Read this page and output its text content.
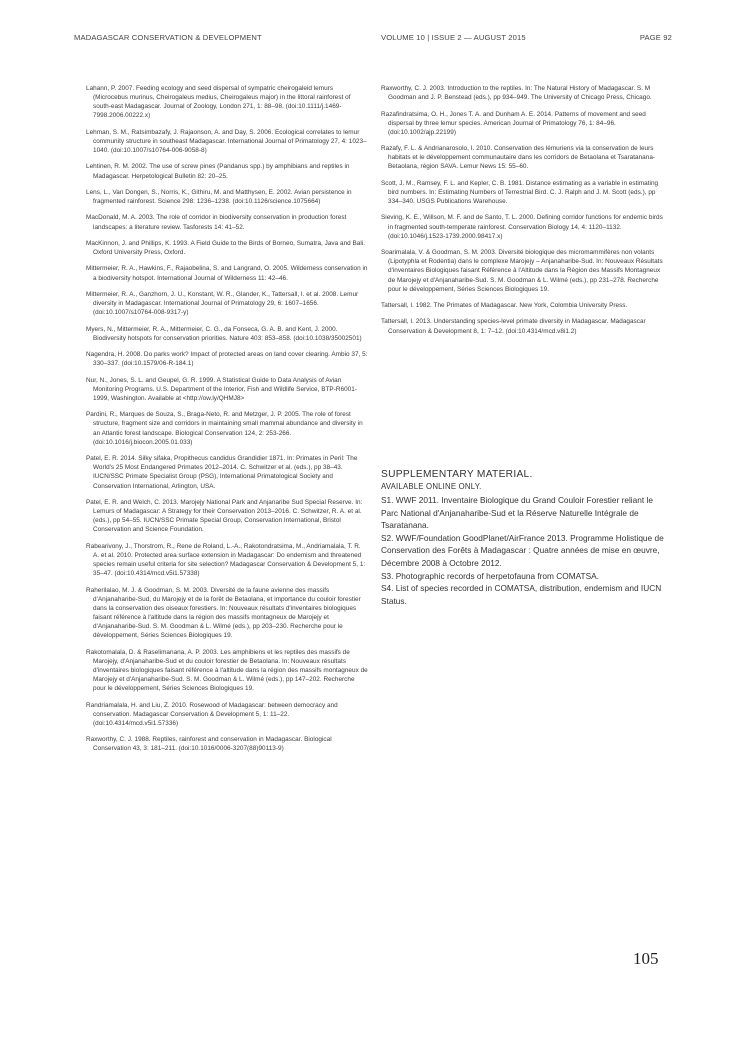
MADAGASCAR CONSERVATION & DEVELOPMENT	VOLUME 10 | ISSUE 2 — AUGUST 2015	PAGE 92

Lahann, P. 2007. Feeding ecology and seed dispersal of sympatric cheirogaleid lemurs (Microcebus murinus, Cheirogaleus medius, Cheirogaleus major) in the littoral rainforest of south-east Madagascar. Journal of Zoology, London 271, 1: 88–98. (doi:10.1111/j.1469-7998.2006.00222.x)

Lehman, S. M., Ratsimbazafy, J. Rajaonson, A. and Day, S. 2006. Ecological correlates to lemur community structure in southeast Madagascar. International Journal of Primatology 27, 4: 1023–1040. (doi:10.1007/s10764-006-9058-8)

Lehtinen, R. M. 2002. The use of screw pines (Pandanus spp.) by amphibians and reptiles in Madagascar. Herpetological Bulletin 82: 20–25.

Lens, L., Van Dongen, S., Norris, K., Githiru, M. and Matthysen, E. 2002. Avian persistence in fragmented rainforest. Science 298: 1236–1238. (doi:10.1126/science.1075664)

MacDonald, M. A. 2003. The role of corridor in biodiversity conservation in production forest landscapes: a literature review. Tasforests 14: 41–52.

MacKinnon, J. and Phillips, K. 1993. A Field Guide to the Birds of Borneo, Sumatra, Java and Bali. Oxford University Press, Oxford.

Mittermeier, R. A., Hawkins, F., Rajaobelina, S. and Langrand, O. 2005. Wilderness conservation in a biodiversity hotspot. International Journal of Wilderness 11: 42–46.

Mittermeier, R. A., Ganzhorn, J. U., Konstant, W. R., Glander, K., Tattersall, I. et al. 2008. Lemur diversity in Madagascar. International Journal of Primatology 29, 6: 1607–1656. (doi:10.1007/s10764-008-9317-y)

Myers, N., Mittermeier, R. A., Mittermeier, C. G., da Fonseca, G. A. B. and Kent, J. 2000. Biodiversity hotspots for conservation priorities. Nature 403: 853–858. (doi:10.1038/35002501)

Nagendra, H. 2008. Do parks work? Impact of protected areas on land cover clearing. Ambio 37, 5: 330–337. (doi:10.1579/06-R-184.1)

Nur, N., Jones, S. L. and Geupel, G. R. 1999. A Statistical Guide to Data Analysis of Avian Monitoring Programs. U.S. Department of the Interior, Fish and Wildlife Service, BTP-R6001-1999, Washington. Available at <http://ow.ly/QHMJ8>

Pardini, R., Marques de Souza, S., Braga-Neto, R. and Metzger, J. P. 2005. The role of forest structure, fragment size and corridors in maintaining small mammal abundance and diversity in an Atlantic forest landscape. Biological Conservation 124, 2: 253-266. (doi:10.1016/j.biocon.2005.01.033)

Patel, E. R. 2014. Silky sifaka, Propithecus candidus Grandidier 1871. In: Primates in Peril: The World's 25 Most Endangered Primates 2012–2014. C. Schwitzer et al. (eds.), pp 38–43. IUCN/SSC Primate Specialist Group (PSG), International Primatological Society and Conservation International, Arlington, USA.

Patel, E. R. and Welch, C. 2013. Marojejy National Park and Anjanaribe Sud Special Reserve. In: Lemurs of Madagascar: A Strategy for their Conservation 2013–2016. C. Schwitzer, R. A. et al. (eds.), pp 54–55. IUCN/SSC Primate Special Group, Conservation International, Bristol Conservation and Science Foundation.

Rabearivony, J., Thorstrom, R., Rene de Roland, L.-A., Rakotondratsima, M., Andriamalala, T. R. A. et al. 2010. Protected area surface extension in Madagascar: Do endemism and threatened species remain useful criteria for site selection? Madagascar Conservation & Development 5, 1: 35–47. (doi:10.4314/mcd.v5i1.57338)

Raherilalao, M. J. & Goodman, S. M. 2003. Diversité de la faune avienne des massifs d'Anjanaharibe-Sud, du Marojejy et de la forêt de Betaolana, et importance du couloir forestier dans la conservation des oiseaux forestiers. In: Nouveaux résultats d'inventaires biologiques faisant référence à l'altitude dans la région des massifs montagneux de Marojejy et d'Anjanaharibe-Sud. S. M. Goodman & L. Wilmé (eds.), pp 203–230. Recherche pour le développement, Séries Sciences Biologiques 19.

Rakotomalala, D. & Raselimanana, A. P. 2003. Les amphibiens et les reptiles des massifs de Marojejy, d'Anjanaharibe-Sud et du couloir forestier de Betaolana. In: Nouveaux résultats d'inventaires biologiques faisant référence à l'altitude dans la région des massifs montagneux de Marojejy et d'Anjanaharibe-Sud. S. M. Goodman & L. Wilmé (eds.), pp 147–202. Recherche pour le développement, Séries Sciences Biologiques 19.

Randriamalala, H. and Liu, Z. 2010. Rosewood of Madagascar: between democracy and conservation. Madagascar Conservation & Development 5, 1: 11–22. (doi:10.4314/mcd.v5i1.57336)

Raxworthy, C. J. 1988. Reptiles, rainforest and conservation in Madagascar. Biological Conservation 43, 3: 181–211. (doi:10.1016/0006-3207(88)90113-9)

Raxworthy, C. J. 2003. Introduction to the reptiles. In: The Natural History of Madagascar. S. M Goodman and J. P. Benstead (eds.), pp 934–949. The University of Chicago Press, Chicago.

Razafindratsima, O. H., Jones T. A. and Dunham A. E. 2014. Patterns of movement and seed dispersal by three lemur species. American Journal of Primatology 76, 1: 84–96. (doi:10.1002/ajp.22199)

Razafy, F. L. & Andrianarosolo, I. 2010. Conservation des lémuriens via la conservation de leurs habitats et le développement communautaire dans les corridors de Betaolana et Tsaratanana-Betaolana, région SAVA. Lemur News 15: 55–60.

Scott, J. M., Ramsey, F. L. and Kepler, C. B. 1981. Distance estimating as a variable in estimating bird numbers. In: Estimating Numbers of Terrestrial Bird. C. J. Ralph and J. M. Scott (eds.), pp 334–340. USGS Publications Warehouse.

Sieving, K. E., Willson, M. F. and de Santo, T. L. 2000. Defining corridor functions for endemic birds in fragmented south-temperate rainforest. Conservation Biology 14, 4: 1120–1132. (doi:10.1046/j.1523-1739.2000.98417.x)

Soarimalala, V. & Goodman, S. M. 2003. Diversité biologique des micromammifères non volants (Lipotyphla et Rodentia) dans le complexe Marojejy – Anjanaharibe-Sud. In: Nouveaux Résultats d'inventaires Biologiques faisant Référence à l'Altitude dans la Région des Massifs Montagneux de Marojejy et d'Anjanaharibe-Sud. S. M. Goodman & L. Wilmé (eds.), pp 231–278. Recherche pour le développement, Séries Sciences Biologiques 19.

Tattersall, I. 1982. The Primates of Madagascar. New York, Colombia University Press.

Tattersall, I. 2013. Understanding species-level primate diversity in Madagascar. Madagascar Conservation & Development 8, 1: 7–12. (doi:10.4314/mcd.v8i1.2)

SUPPLEMENTARY MATERIAL.

AVAILABLE ONLINE ONLY.

S1. WWF 2011. Inventaire Biologique du Grand Couloir Forestier reliant le Parc National d'Anjanaharibe-Sud et la Réserve Naturelle Intégrale de Tsaratanana.

S2. WWF/Foundation GoodPlanet/AirFrance 2013. Programme Holistique de Conservation des Forêts à Madagascar : Quatre années de mise en œuvre, Décembre 2008 à Octobre 2012.

S3. Photographic records of herpetofauna from COMATSA.

S4. List of species recorded in COMATSA, distribution, endemism and IUCN Status.

105
